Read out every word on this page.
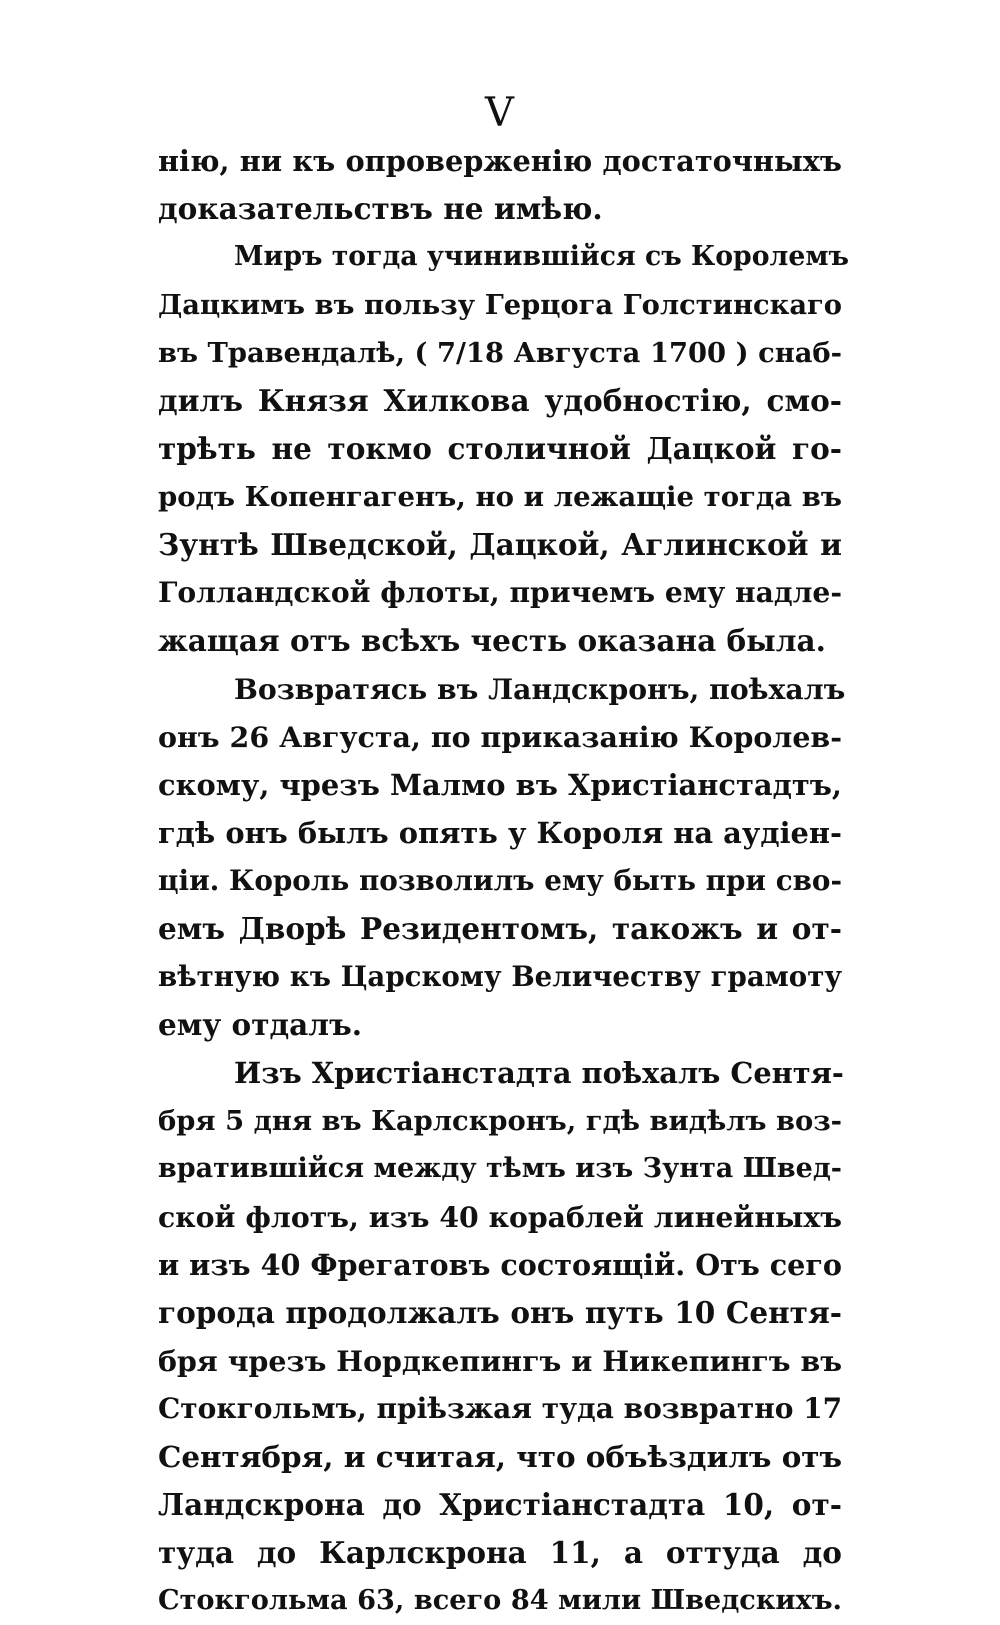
V
нію, ни къ опроверженію достаточныхъ
доказательствъ не имѣю.
Миръ тогда учинившійся съ Королемъ
Дацкимъ въ пользу Герцога Голстинскаго
въ Травендалѣ, ( 7/18 Августа 1700 ) снаб-
дилъ Князя Хилкова удобностію, смо-
трѣть не токмо столичной Дацкой го-
родъ Копенгагенъ, но и лежащіе тогда въ
Зунтѣ Шведской, Дацкой, Аглинской и
Голландской флоты, причемъ ему надле-
жащая отъ всѣхъ честь оказана была.
Возвратясь въ Ландскронъ, поѣхалъ
онъ 26 Августа, по приказанію Королев-
скому, чрезъ Малмо въ Христіанстадтъ,
гдѣ онъ былъ опять у Короля на аудіен-
ціи. Король позволилъ ему быть при сво-
емъ Дворѣ Резидентомъ, такожъ и от-
вѣтную къ Царскому Величеству грамоту
ему отдалъ.
Изъ Христіанстадта поѣхалъ Сентя-
бря 5 дня въ Карлскронъ, гдѣ видѣлъ воз-
вратившійся между тѣмъ изъ Зунта Швед-
ской флотъ, изъ 40 кораблей линейныхъ
и изъ 40 Фрегатовъ состоящій. Отъ сего
города продолжалъ онъ путь 10 Сентя-
бря чрезъ Нордкепингъ и Никепингъ въ
Стокгольмъ, пріѣзжая туда возвратно 17
Сентября, и считая, что объѣздилъ отъ
Ландскрона до Христіанстадта 10, от-
туда до Карлскрона 11, а оттуда до
Стокгольма 63, всего 84 мили Шведскихъ.
